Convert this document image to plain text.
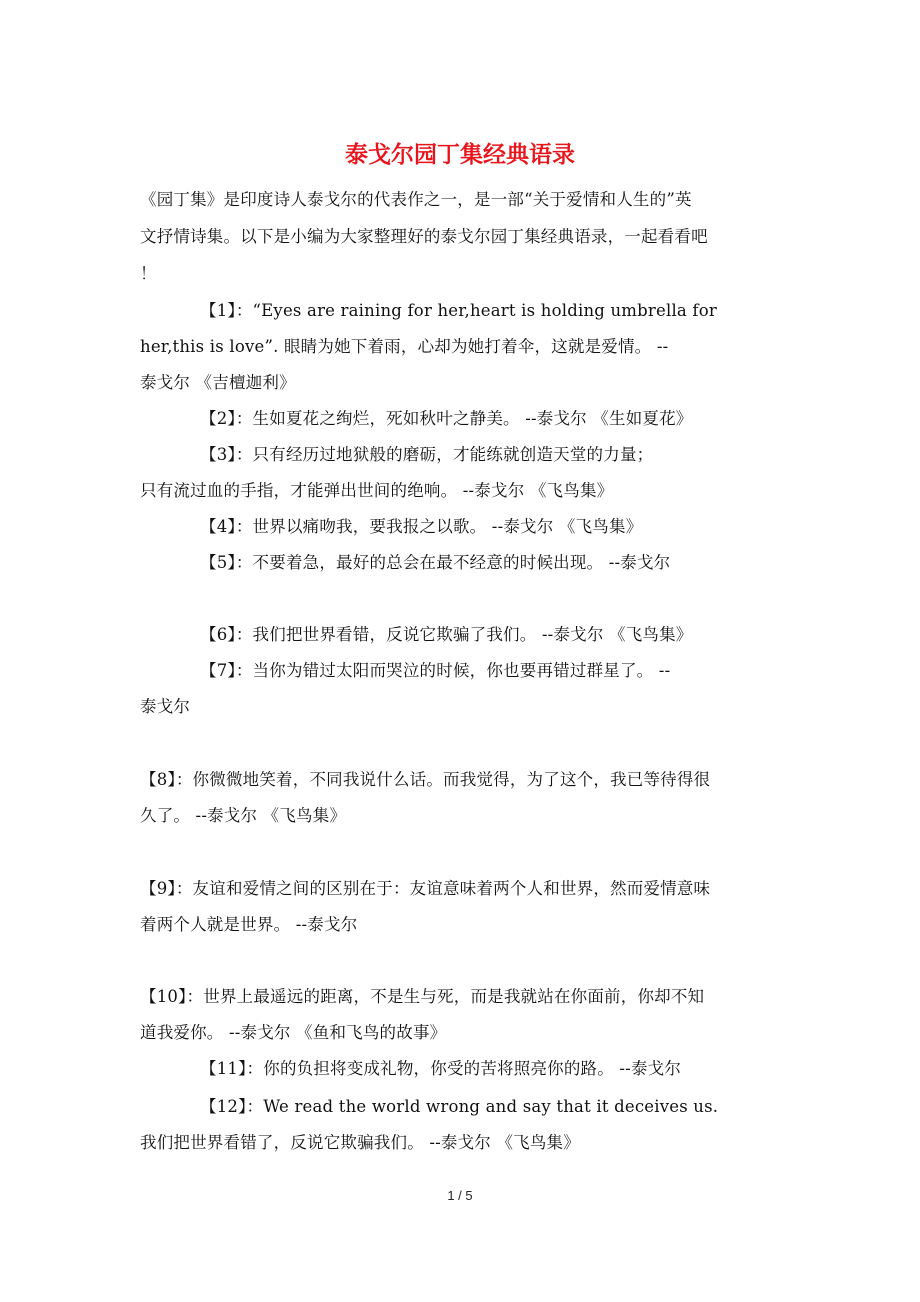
泰戈尔园丁集经典语录
《园丁集》是印度诗人泰戈尔的代表作之一，是一部“关于爱情和人生的”英
文抒情诗集。以下是小编为大家整理好的泰戈尔园丁集经典语录，一起看看吧
！
【1】：“Eyes are raining for her,heart is holding umbrella for
her,this is love”. 眼睛为她下着雨，心却为她打着伞，这就是爱情。 --
泰戈尔 《吉檀迦利》
【2】：生如夏花之绚烂，死如秋叶之静美。 --泰戈尔 《生如夏花》
【3】：只有经历过地狱般的磨砺，才能练就创造天堂的力量；
只有流过血的手指，才能弹出世间的绝响。 --泰戈尔 《飞鸟集》
【4】：世界以痛吻我，要我报之以歌。 --泰戈尔 《飞鸟集》
【5】：不要着急，最好的总会在最不经意的时候出现。 --泰戈尔
【6】：我们把世界看错，反说它欺骗了我们。 --泰戈尔 《飞鸟集》
【7】：当你为错过太阳而哭泣的时候，你也要再错过群星了。 --
泰戈尔
【8】：你微微地笑着，不同我说什么话。而我觉得，为了这个，我已等待得很
久了。 --泰戈尔 《飞鸟集》
【9】：友谊和爱情之间的区别在于：友谊意味着两个人和世界，然而爱情意味
着两个人就是世界。 --泰戈尔
【10】：世界上最遥远的距离，不是生与死，而是我就站在你面前，你却不知
道我爱你。 --泰戈尔 《鱼和飞鸟的故事》
【11】：你的负担将变成礼物，你受的苦将照亮你的路。 --泰戈尔
【12】：We read the world wrong and say that it deceives us.
我们把世界看错了，反说它欺骗我们。 --泰戈尔 《飞鸟集》
1 / 5
